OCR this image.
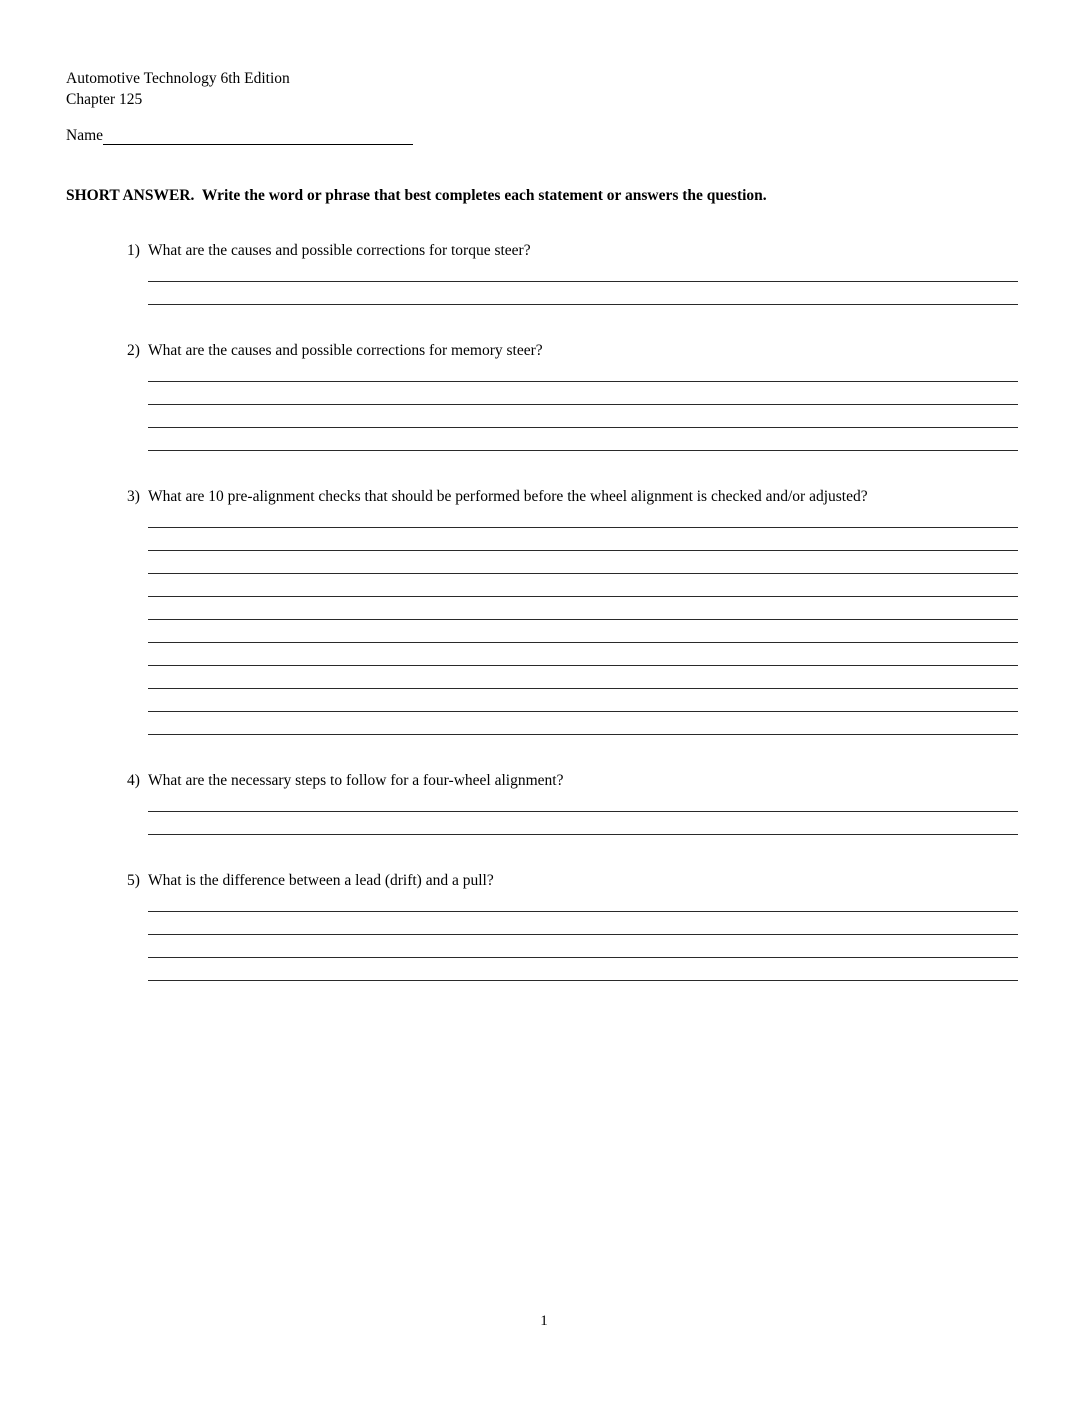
Automotive Technology 6th Edition
Chapter 125
Name
SHORT ANSWER.  Write the word or phrase that best completes each statement or answers the question.
1) What are the causes and possible corrections for torque steer?
2) What are the causes and possible corrections for memory steer?
3) What are 10 pre-alignment checks that should be performed before the wheel alignment is checked and/or adjusted?
4) What are the necessary steps to follow for a four-wheel alignment?
5) What is the difference between a lead (drift) and a pull?
1
